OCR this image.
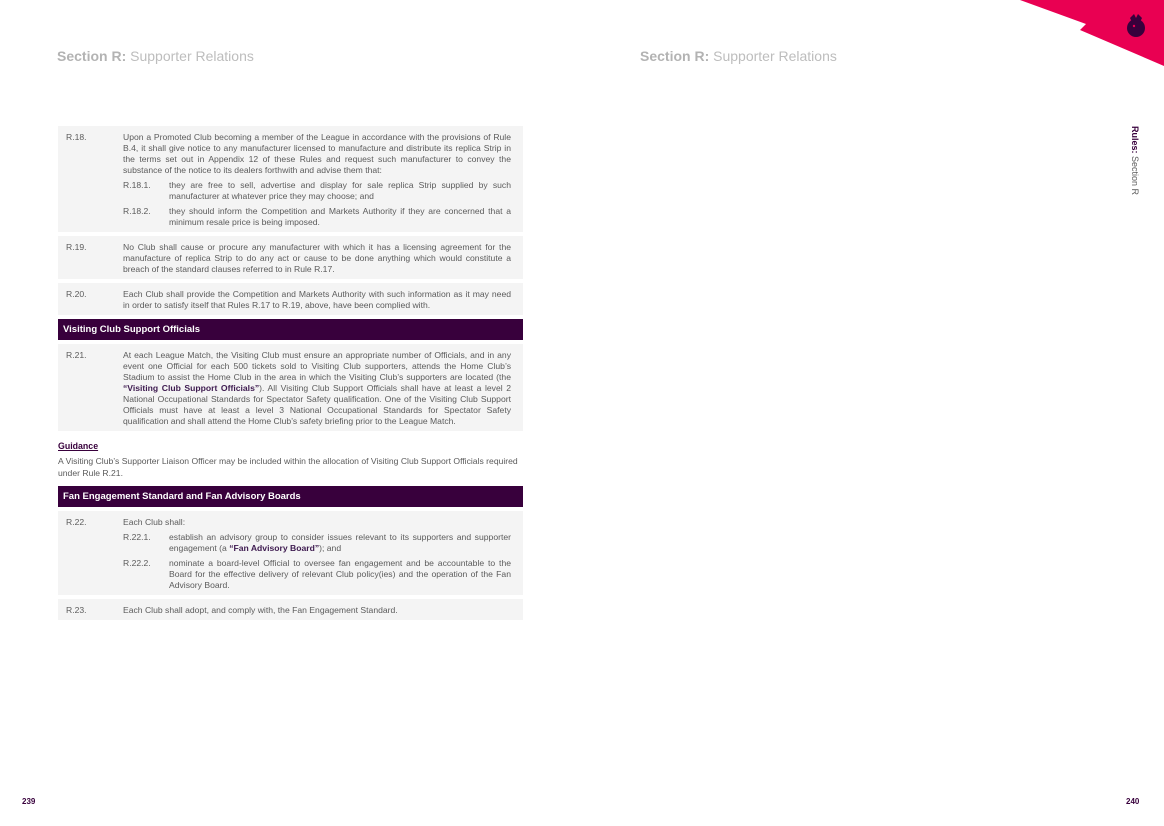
Section R: Supporter Relations	Section R: Supporter Relations
R.18.	Upon a Promoted Club becoming a member of the League in accordance with the provisions of Rule B.4, it shall give notice to any manufacturer licensed to manufacture and distribute its replica Strip in the terms set out in Appendix 12 of these Rules and request such manufacturer to convey the substance of the notice to its dealers forthwith and advise them that:
R.18.1.	they are free to sell, advertise and display for sale replica Strip supplied by such manufacturer at whatever price they may choose; and
R.18.2.	they should inform the Competition and Markets Authority if they are concerned that a minimum resale price is being imposed.
R.19.	No Club shall cause or procure any manufacturer with which it has a licensing agreement for the manufacture of replica Strip to do any act or cause to be done anything which would constitute a breach of the standard clauses referred to in Rule R.17.
R.20.	Each Club shall provide the Competition and Markets Authority with such information as it may need in order to satisfy itself that Rules R.17 to R.19, above, have been complied with.
Visiting Club Support Officials
R.21.	At each League Match, the Visiting Club must ensure an appropriate number of Officials, and in any event one Official for each 500 tickets sold to Visiting Club supporters, attends the Home Club’s Stadium to assist the Home Club in the area in which the Visiting Club’s supporters are located (the “Visiting Club Support Officials”). All Visiting Club Support Officials shall have at least a level 2 National Occupational Standards for Spectator Safety qualification. One of the Visiting Club Support Officials must have at least a level 3 National Occupational Standards for Spectator Safety qualification and shall attend the Home Club’s safety briefing prior to the League Match.
Guidance
A Visiting Club’s Supporter Liaison Officer may be included within the allocation of Visiting Club Support Officials required under Rule R.21.
Fan Engagement Standard and Fan Advisory Boards
R.22.	Each Club shall:
R.22.1.	establish an advisory group to consider issues relevant to its supporters and supporter engagement (a “Fan Advisory Board”); and
R.22.2.	nominate a board-level Official to oversee fan engagement and be accountable to the Board for the effective delivery of relevant Club policy(ies) and the operation of the Fan Advisory Board.
R.23.	Each Club shall adopt, and comply with, the Fan Engagement Standard.
Rules: Section R
239	240
